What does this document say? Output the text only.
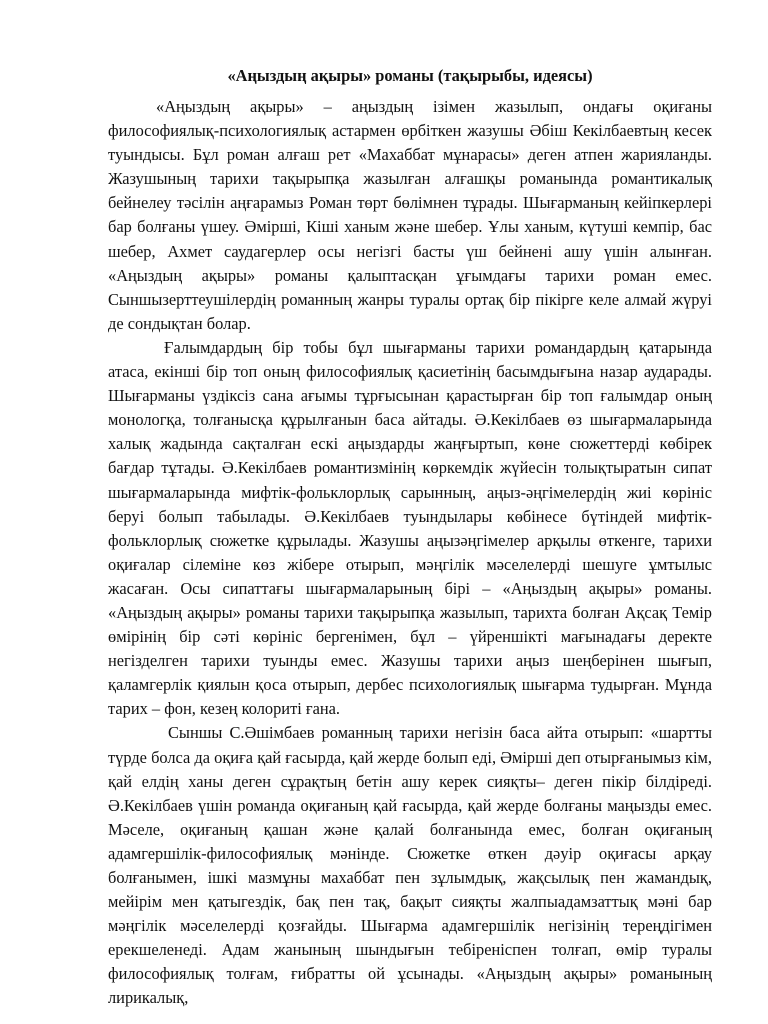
«Аңыздың ақыры» романы (тақырыбы, идеясы)

«Аңыздың ақыры» – аңыздың ізімен жазылып, ондағы оқиғаны философиялық-психологиялық астармен өрбіткен жазушы Әбіш Кекілбаевтың кесек туындысы. Бұл роман алғаш рет «Махаббат мұнарасы» деген атпен жарияланды. Жазушының тарихи тақырыпқа жазылған алғашқы романында романтикалық бейнелеу тәсілін аңғарамыз Роман төрт бөлімнен тұрады. Шығарманың кейіпкерлері бар болғаны үшеу. Әмірші, Кіші ханым және шебер. Ұлы ханым, күтуші кемпір, бас шебер, Ахмет саудагерлер осы негізгі басты үш бейнені ашу үшін алынған. «Аңыздың ақыры» романы қалыптасқан ұғымдағы тарихи роман емес. Сыншызерттеушілердің романның жанры туралы ортақ бір пікірге келе алмай жүруі де сондықтан болар.

Ғалымдардың бір тобы бұл шығарманы тарихи романдардың қатарында атаса, екінші бір топ оның философиялық қасиетінің басымдығына назар аударады. Шығарманы үздіксіз сана ағымы тұрғысынан қарастырған бір топ ғалымдар оның монологқа, толғанысқа құрылғанын баса айтады. Ә.Кекілбаев өз шығармаларында халық жадында сақталған ескі аңыздарды жаңғыртып, көне сюжеттерді көбірек бағдар тұтады. Ә.Кекілбаев романтизмінің көркемдік жүйесін толықтыратын сипат шығармаларында мифтік-фольклорлық сарынның, аңыз-әңгімелердің жиі көрініс беруі болып табылады. Ә.Кекілбаев туындылары көбінесе бүтіндей мифтік-фольклорлық сюжетке құрылады. Жазушы аңызәңгімелер арқылы өткенге, тарихи оқиғалар сілеміне көз жібере отырып, мәңгілік мәселелерді шешуге ұмтылыс жасаған. Осы сипаттағы шығармаларының бірі – «Аңыздың ақыры» романы. «Аңыздың ақыры» романы тарихи тақырыпқа жазылып, тарихта болған Ақсақ Темір өмірінің бір сәті көрініс бергенімен, бұл – үйреншікті мағынадағы деректе негізделген тарихи туынды емес. Жазушы тарихи аңыз шеңберінен шығып, қаламгерлік қиялын қоса отырып, дербес психологиялық шығарма тудырған. Мұнда тарих – фон, кезең колориті ғана.

Сыншы С.Әшімбаев романның тарихи негізін баса айта отырып: «шартты түрде болса да оқиға қай ғасырда, қай жерде болып еді, Әмірші деп отырғанымыз кім, қай елдің ханы деген сұрақтың бетін ашу керек сияқты– деген пікір білдіреді. Ә.Кекілбаев үшін романда оқиғаның қай ғасырда, қай жерде болғаны маңызды емес. Мәселе, оқиғаның қашан және қалай болғанында емес, болған оқиғаның адамгершілік-философиялық мәнінде. Сюжетке өткен дәуір оқиғасы арқау болғанымен, ішкі мазмұны махаббат пен зұлымдық, жақсылық пен жамандық, мейірім мен қатыгездік, бақ пен тақ, бақыт сияқты жалпыадамзаттық мәні бар мәңгілік мәселелерді қозғайды. Шығарма адамгершілік негізінің тереңдігімен ерекшеленеді. Адам жанының шындығын тебіреніспен толғап, өмір туралы философиялық толғам, ғибратты ой ұсынады. «Аңыздың ақыры» романының лирикалық,
